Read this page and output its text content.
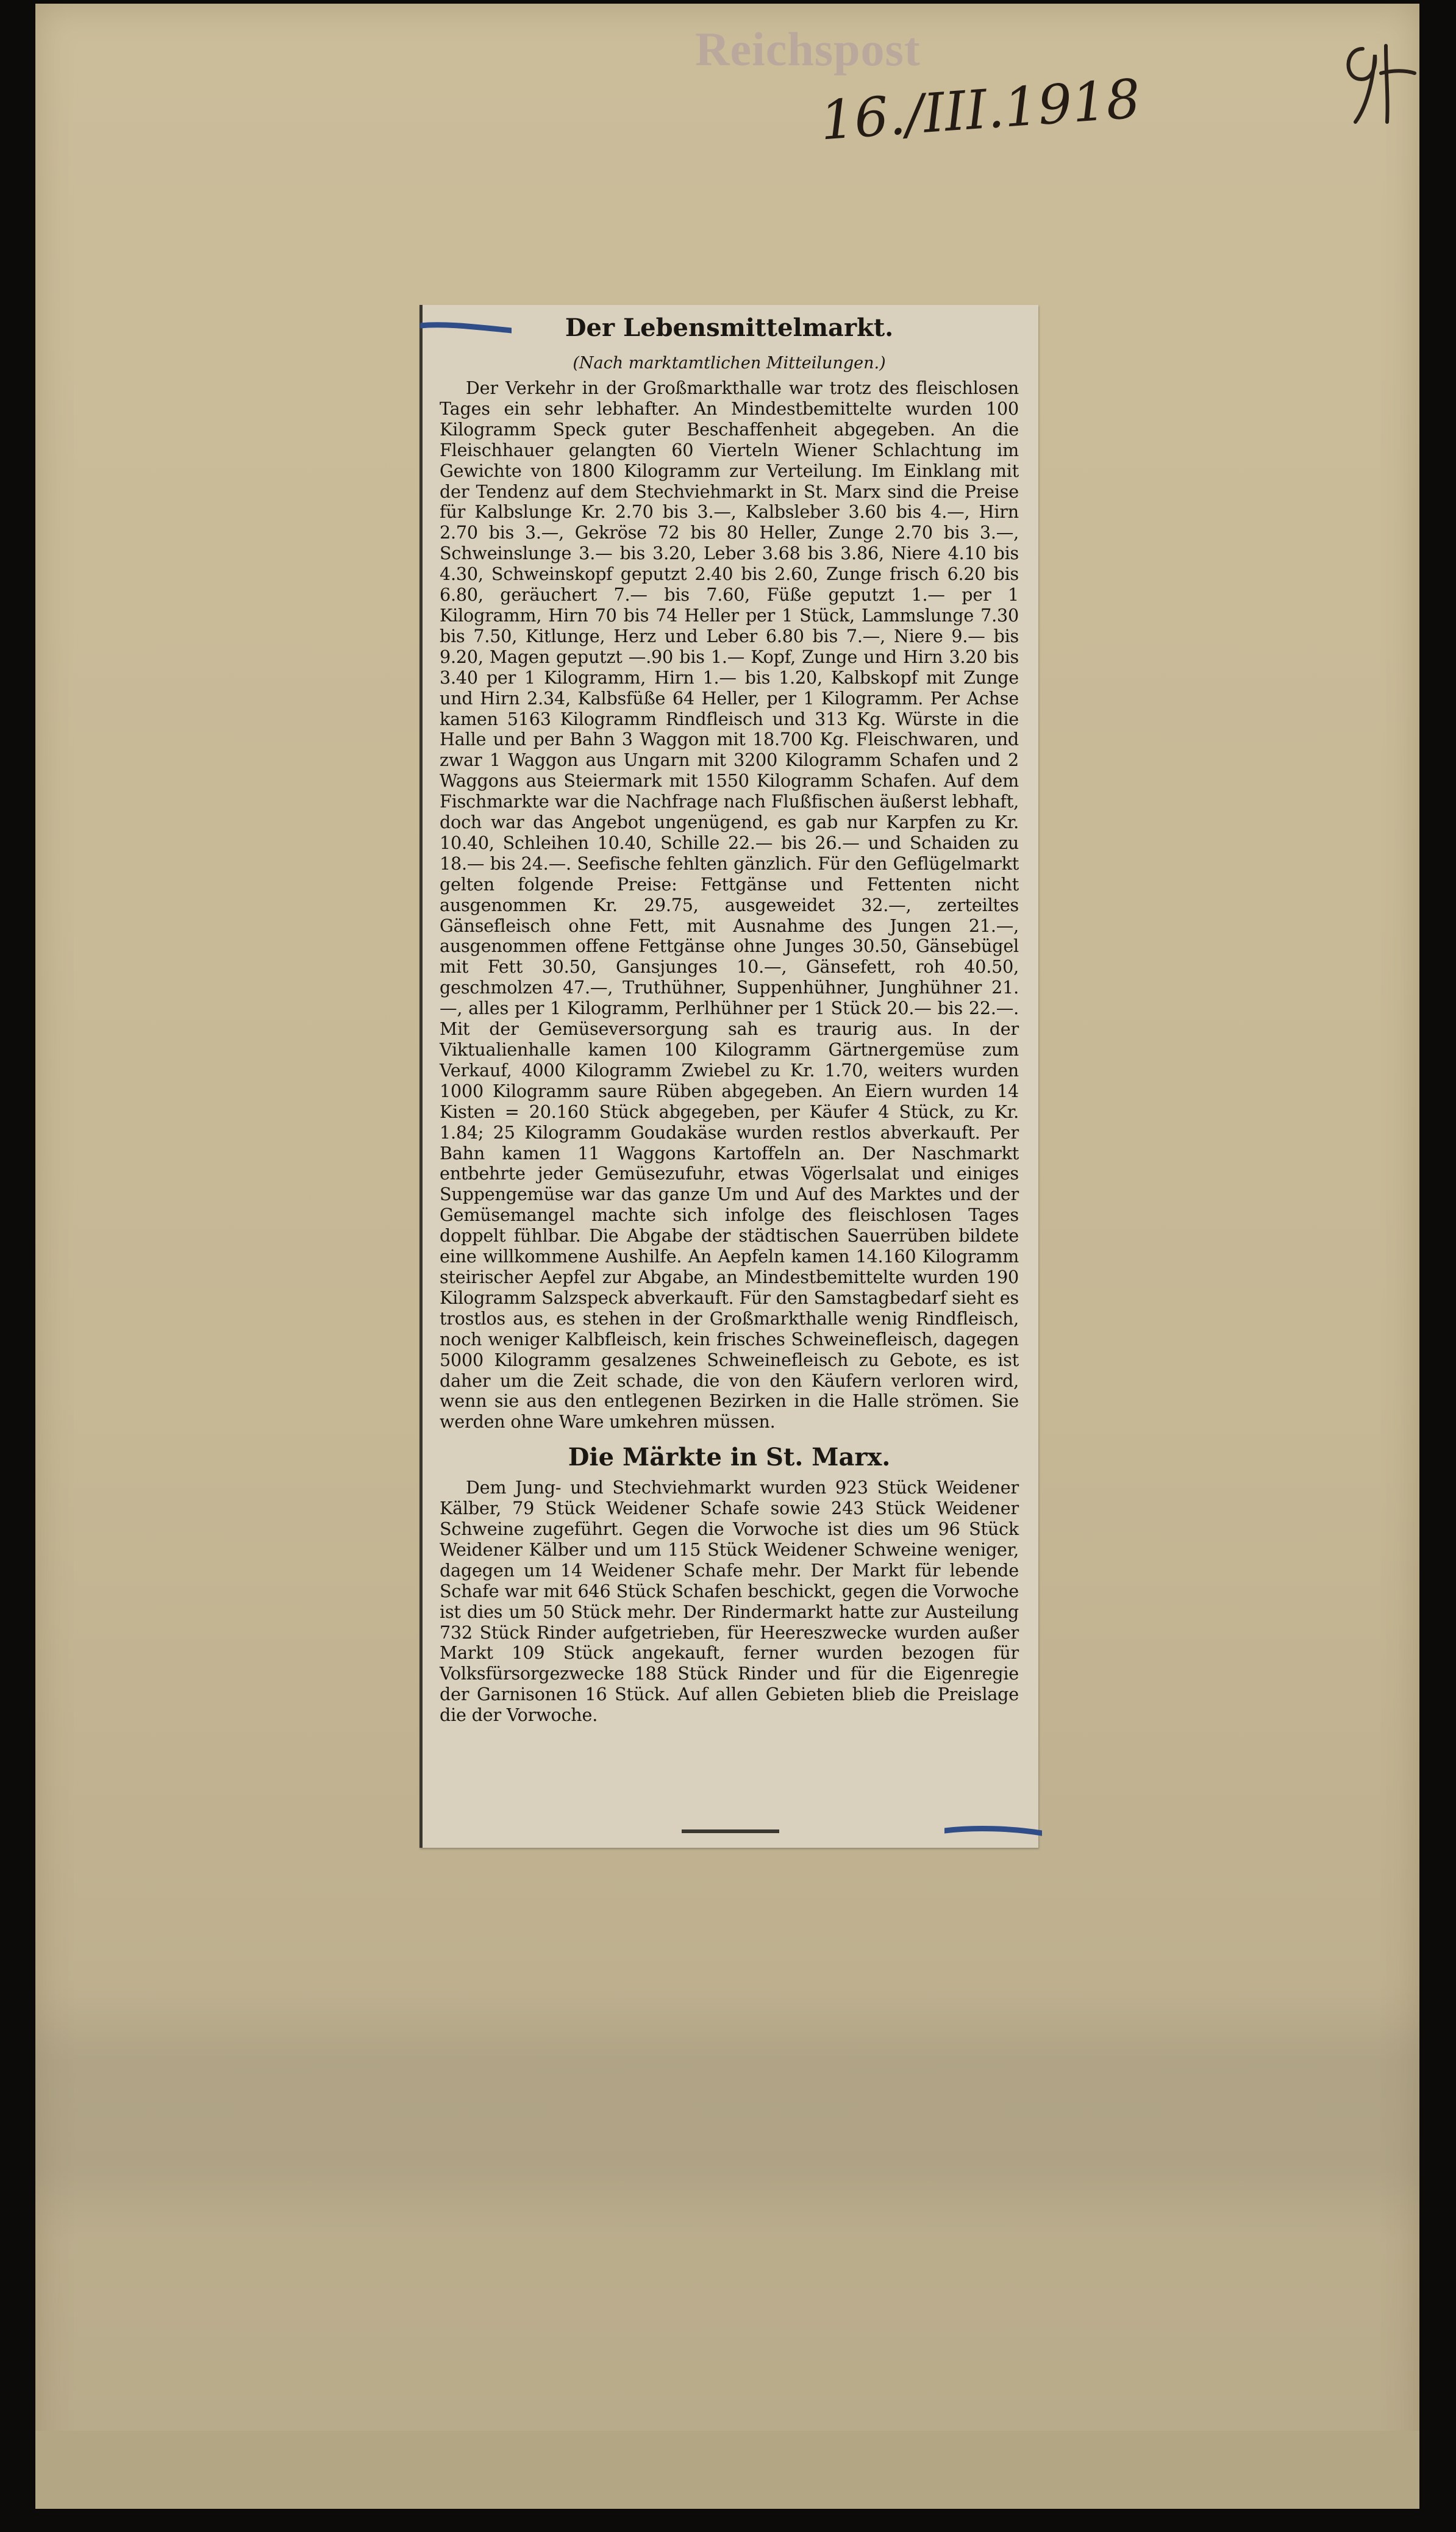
Reichspost
16./III.1918
Der Lebensmittelmarkt.

(Nach marktamtlichen Mitteilungen.)

Der Verkehr in der Großmarkthalle war trotz des fleischlosen Tages ein sehr lebhafter. An Mindestbemittelte wurden 100 Kilogramm Speck guter Beschaffenheit abgegeben. An die Fleischhauer gelangten 60 Vierteln Wiener Schlachtung im Gewichte von 1800 Kilogramm zur Verteilung. Im Einklang mit der Tendenz auf dem Stechviehmarkt in St. Marx sind die Preise für Kalbslunge Kr. 2.70 bis 3.—, Kalbsleber 3.60 bis 4.—, Hirn 2.70 bis 3.—, Gekröse 72 bis 80 Heller, Zunge 2.70 bis 3.—, Schweinslunge 3.— bis 3.20, Leber 3.68 bis 3.86, Niere 4.10 bis 4.30, Schweinskopf geputzt 2.40 bis 2.60, Zunge frisch 6.20 bis 6.80, geräuchert 7.— bis 7.60, Füße geputzt 1.— per 1 Kilogramm, Hirn 70 bis 74 Heller per 1 Stück, Lammslunge 7.30 bis 7.50, Kitlunge, Herz und Leber 6.80 bis 7.—, Niere 9.— bis 9.20, Magen geputzt —.90 bis 1.— Kopf, Zunge und Hirn 3.20 bis 3.40 per 1 Kilogramm, Hirn 1.— bis 1.20, Kalbskopf mit Zunge und Hirn 2.34, Kalbsfüße 64 Heller, per 1 Kilogramm. Per Achse kamen 5163 Kilogramm Rindfleisch und 313 Kg. Würste in die Halle und per Bahn 3 Waggon mit 18.700 Kg. Fleischwaren, und zwar 1 Waggon aus Ungarn mit 3200 Kilogramm Schafen und 2 Waggons aus Steiermark mit 1550 Kilogramm Schafen. Auf dem Fischmarkte war die Nachfrage nach Flußfischen äußerst lebhaft, doch war das Angebot ungenügend, es gab nur Karpfen zu Kr. 10.40, Schleihen 10.40, Schille 22.— bis 26.— und Schaiden zu 18.— bis 24.—. Seefische fehlten gänzlich. Für den Geflügelmarkt gelten folgende Preise: Fettgänse und Fettenten nicht ausgenommen Kr. 29.75, ausgeweidet 32.—, zerteiltes Gänsefleisch ohne Fett, mit Ausnahme des Jungen 21.—, ausgenommen offene Fettgänse ohne Junges 30.50, Gänsebügel mit Fett 30.50, Gansjunges 10.—, Gänsefett, roh 40.50, geschmolzen 47.—, Truthühner, Suppenhühner, Junghühner 21.—, alles per 1 Kilogramm, Perlhühner per 1 Stück 20.— bis 22.—. Mit der Gemüseversorgung sah es traurig aus. In der Viktualienhalle kamen 100 Kilogramm Gärtnergemüse zum Verkauf, 4000 Kilogramm Zwiebel zu Kr. 1.70, weiters wurden 1000 Kilogramm saure Rüben abgegeben. An Eiern wurden 14 Kisten = 20.160 Stück abgegeben, per Käufer 4 Stück, zu Kr. 1.84; 25 Kilogramm Goudakäse wurden restlos abverkauft. Per Bahn kamen 11 Waggons Kartoffeln an. Der Naschmarkt entbehrte jeder Gemüsezufuhr, etwas Vögerlsalat und einiges Suppengemüse war das ganze Um und Auf des Marktes und der Gemüsemangel machte sich infolge des fleischlosen Tages doppelt fühlbar. Die Abgabe der städtischen Sauerrüben bildete eine willkommene Aushilfe. An Aepfeln kamen 14.160 Kilogramm steirischer Aepfel zur Abgabe, an Mindestbemittelte wurden 190 Kilogramm Salzspeck abverkauft. Für den Samstagbedarf sieht es trostlos aus, es stehen in der Großmarkthalle wenig Rindfleisch, noch weniger Kalbfleisch, kein frisches Schweinefleisch, dagegen 5000 Kilogramm gesalzenes Schweinefleisch zu Gebote, es ist daher um die Zeit schade, die von den Käufern verloren wird, wenn sie aus den entlegenen Bezirken in die Halle strömen. Sie werden ohne Ware umkehren müssen.

Die Märkte in St. Marx.

Dem Jung- und Stechviehmarkt wurden 923 Stück Weidener Kälber, 79 Stück Weidener Schafe sowie 243 Stück Weidener Schweine zugeführt. Gegen die Vorwoche ist dies um 96 Stück Weidener Kälber und um 115 Stück Weidener Schweine weniger, dagegen um 14 Weidener Schafe mehr. Der Markt für lebende Schafe war mit 646 Stück Schafen beschickt, gegen die Vorwoche ist dies um 50 Stück mehr. Der Rindermarkt hatte zur Austeilung 732 Stück Rinder aufgetrieben, für Heereszwecke wurden außer Markt 109 Stück angekauft, ferner wurden bezogen für Volksfürsorgezwecke 188 Stück Rinder und für die Eigenregie der Garnisonen 16 Stück. Auf allen Gebieten blieb die Preislage die der Vorwoche.
